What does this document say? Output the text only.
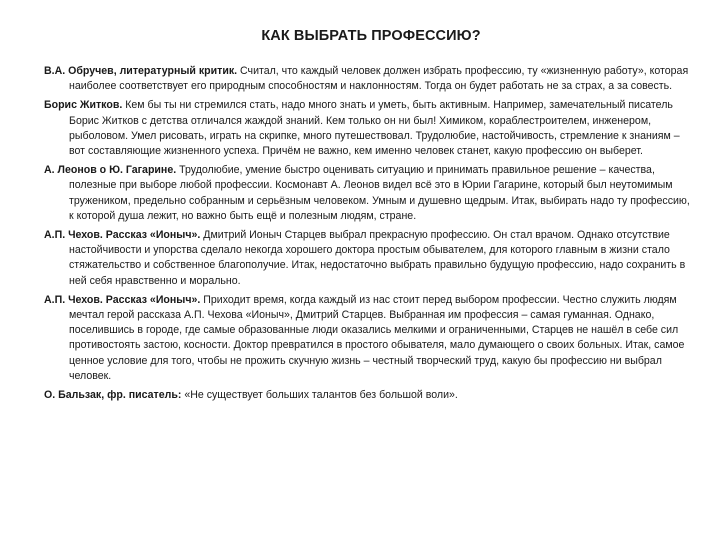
КАК ВЫБРАТЬ ПРОФЕССИЮ?

В.А. Обручев, литературный критик. Считал, что каждый человек должен избрать профессию, ту «жизненную работу», которая наиболее соответствует его природным способностям и наклонностям. Тогда он будет работать не за страх, а за совесть.

Борис Житков. Кем бы ты ни стремился стать, надо много знать и уметь, быть активным. Например, замечательный писатель Борис Житков с детства отличался жаждой знаний. Кем только он ни был! Химиком, кораблестроителем, инженером, рыболовом. Умел рисовать, играть на скрипке, много путешествовал. Трудолюбие, настойчивость, стремление к знаниям – вот составляющие жизненного успеха. Причём не важно, кем именно человек станет, какую профессию он выберет.

А. Леонов о Ю. Гагарине. Трудолюбие, умение быстро оценивать ситуацию и принимать правильное решение – качества, полезные при выборе любой профессии. Космонавт А. Леонов видел всё это в Юрии Гагарине, который был неутомимым тружеником, предельно собранным и серьёзным человеком. Умным и душевно щедрым. Итак, выбирать надо ту профессию, к которой душа лежит, но важно быть ещё и полезным людям, стране.

А.П. Чехов. Рассказ «Ионыч». Дмитрий Ионыч Старцев выбрал прекрасную профессию. Он стал врачом. Однако отсутствие настойчивости и упорства сделало некогда хорошего доктора простым обывателем, для которого главным в жизни стало стяжательство и собственное благополучие. Итак, недостаточно выбрать правильно будущую профессию, надо сохранить в ней себя нравственно и морально.

А.П. Чехов. Рассказ «Ионыч». Приходит время, когда каждый из нас стоит перед выбором профессии. Честно служить людям мечтал герой рассказа А.П. Чехова «Ионыч», Дмитрий Старцев. Выбранная им профессия – самая гуманная. Однако, поселившись в городе, где самые образованные люди оказались мелкими и ограниченными, Старцев не нашёл в себе сил противостоять застою, косности. Доктор превратился в простого обывателя, мало думающего о своих больных. Итак, самое ценное условие для того, чтобы не прожить скучную жизнь – честный творческий труд, какую бы профессию ни выбрал человек.

О. Бальзак, фр. писатель: «Не существует больших талантов без большой воли».
